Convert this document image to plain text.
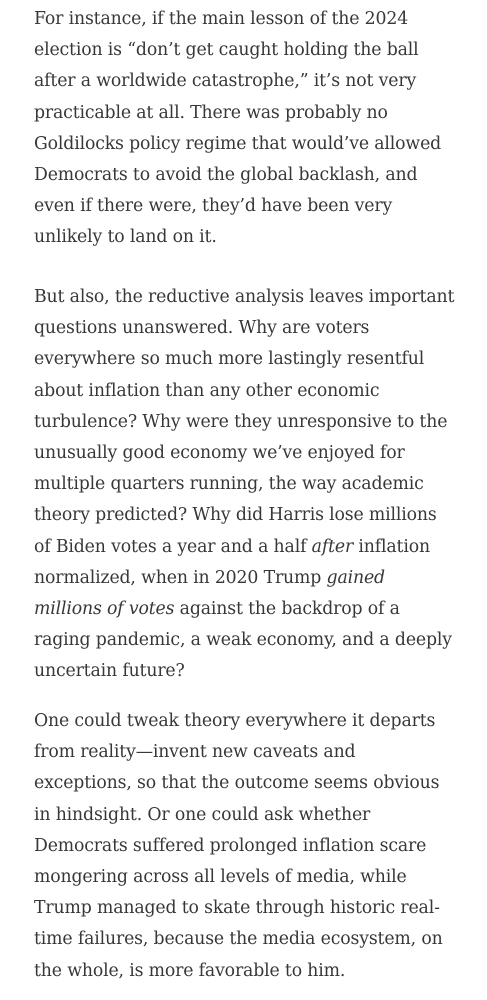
For instance, if the main lesson of the 2024
election is “don’t get caught holding the ball
after a worldwide catastrophe,” it’s not very
practicable at all. There was probably no
Goldilocks policy regime that would’ve allowed
Democrats to avoid the global backlash, and
even if there were, they’d have been very
unlikely to land on it.

But also, the reductive analysis leaves important
questions unanswered. Why are voters
everywhere so much more lastingly resentful
about inflation than any other economic
turbulence? Why were they unresponsive to the
unusually good economy we’ve enjoyed for
multiple quarters running, the way academic
theory predicted? Why did Harris lose millions
of Biden votes a year and a half after inflation
normalized, when in 2020 Trump gained
millions of votes against the backdrop of a
raging pandemic, a weak economy, and a deeply
uncertain future?

One could tweak theory everywhere it departs
from reality—invent new caveats and
exceptions, so that the outcome seems obvious
in hindsight. Or one could ask whether
Democrats suffered prolonged inflation scare
mongering across all levels of media, while
Trump managed to skate through historic real-
time failures, because the media ecosystem, on
the whole, is more favorable to him.
